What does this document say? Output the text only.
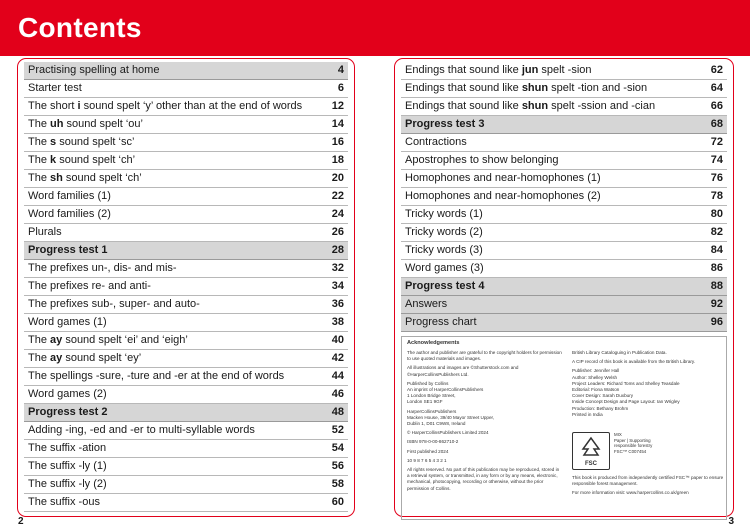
Contents
Practising spelling at home	4
Starter test	6
The short i sound spelt ‘y’ other than at the end of words	12
The uh sound spelt ‘ou’	14
The s sound spelt ‘sc’	16
The k sound spelt ‘ch’	18
The sh sound spelt ‘ch’	20
Word families (1)	22
Word families (2)	24
Plurals	26
Progress test 1	28
The prefixes un-, dis- and mis-	32
The prefixes re- and anti-	34
The prefixes sub-, super- and auto-	36
Word games (1)	38
The ay sound spelt ‘ei’ and ‘eigh’	40
The ay sound spelt ‘ey’	42
The spellings -sure, -ture and -er at the end of words	44
Word games (2)	46
Progress test 2	48
Adding -ing, -ed and -er to multi-syllable words	52
The suffix -ation	54
The suffix -ly (1)	56
The suffix -ly (2)	58
The suffix -ous	60
Endings that sound like jun spelt -sion	62
Endings that sound like shun spelt -tion and -sion	64
Endings that sound like shun spelt -ssion and -cian	66
Progress test 3	68
Contractions	72
Apostrophes to show belonging	74
Homophones and near-homophones (1)	76
Homophones and near-homophones (2)	78
Tricky words (1)	80
Tricky words (2)	82
Tricky words (3)	84
Word games (3)	86
Progress test 4	88
Answers	92
Progress chart	96
Acknowledgements

The author and publisher are grateful to the copyright holders for permission to use quoted materials and images.

All illustrations and images are ©Shutterstock.com and ©HarperCollinsPublishers Ltd.

Published by Collins
An imprint of HarperCollinsPublishers
1 London Bridge Street,
London SE1 9GF

HarperCollinsPublishers
Macken House, 39/40 Mayor Street Upper,
Dublin 1, D01 C9W8, Ireland

© HarperCollinsPublishers Limited 2024

ISBN 978-0-00-862710-2

First published 2024

10 9 8 7 6 5 4 3 2 1

All rights reserved. No part of this publication may be reproduced, stored in a retrieval system, or transmitted, in any form or by any means, electronic, mechanical, photocopying, recording or otherwise, without the prior permission of Collins.

British Library Cataloguing in Publication Data.

A CIP record of this book is available from the British Library.

Publisher: Jennifer Hall
Author: Shelley Welsh
Project Leaders: Richard Toms and Shelley Teasdale
Editorial: Fiona Watson
Cover Design: Sarah Duxbury
Inside Concept Design and Page Layout: Ian Wrigley
Production: Bethany Brohm
Printed in India

FSC
MIX
Paper | Supporting
responsible forestry
FSC™ C007454

This book is produced from independently certified FSC™ paper to ensure responsible forest management.

For more information visit: www.harpercollins.co.uk/green

2	3
